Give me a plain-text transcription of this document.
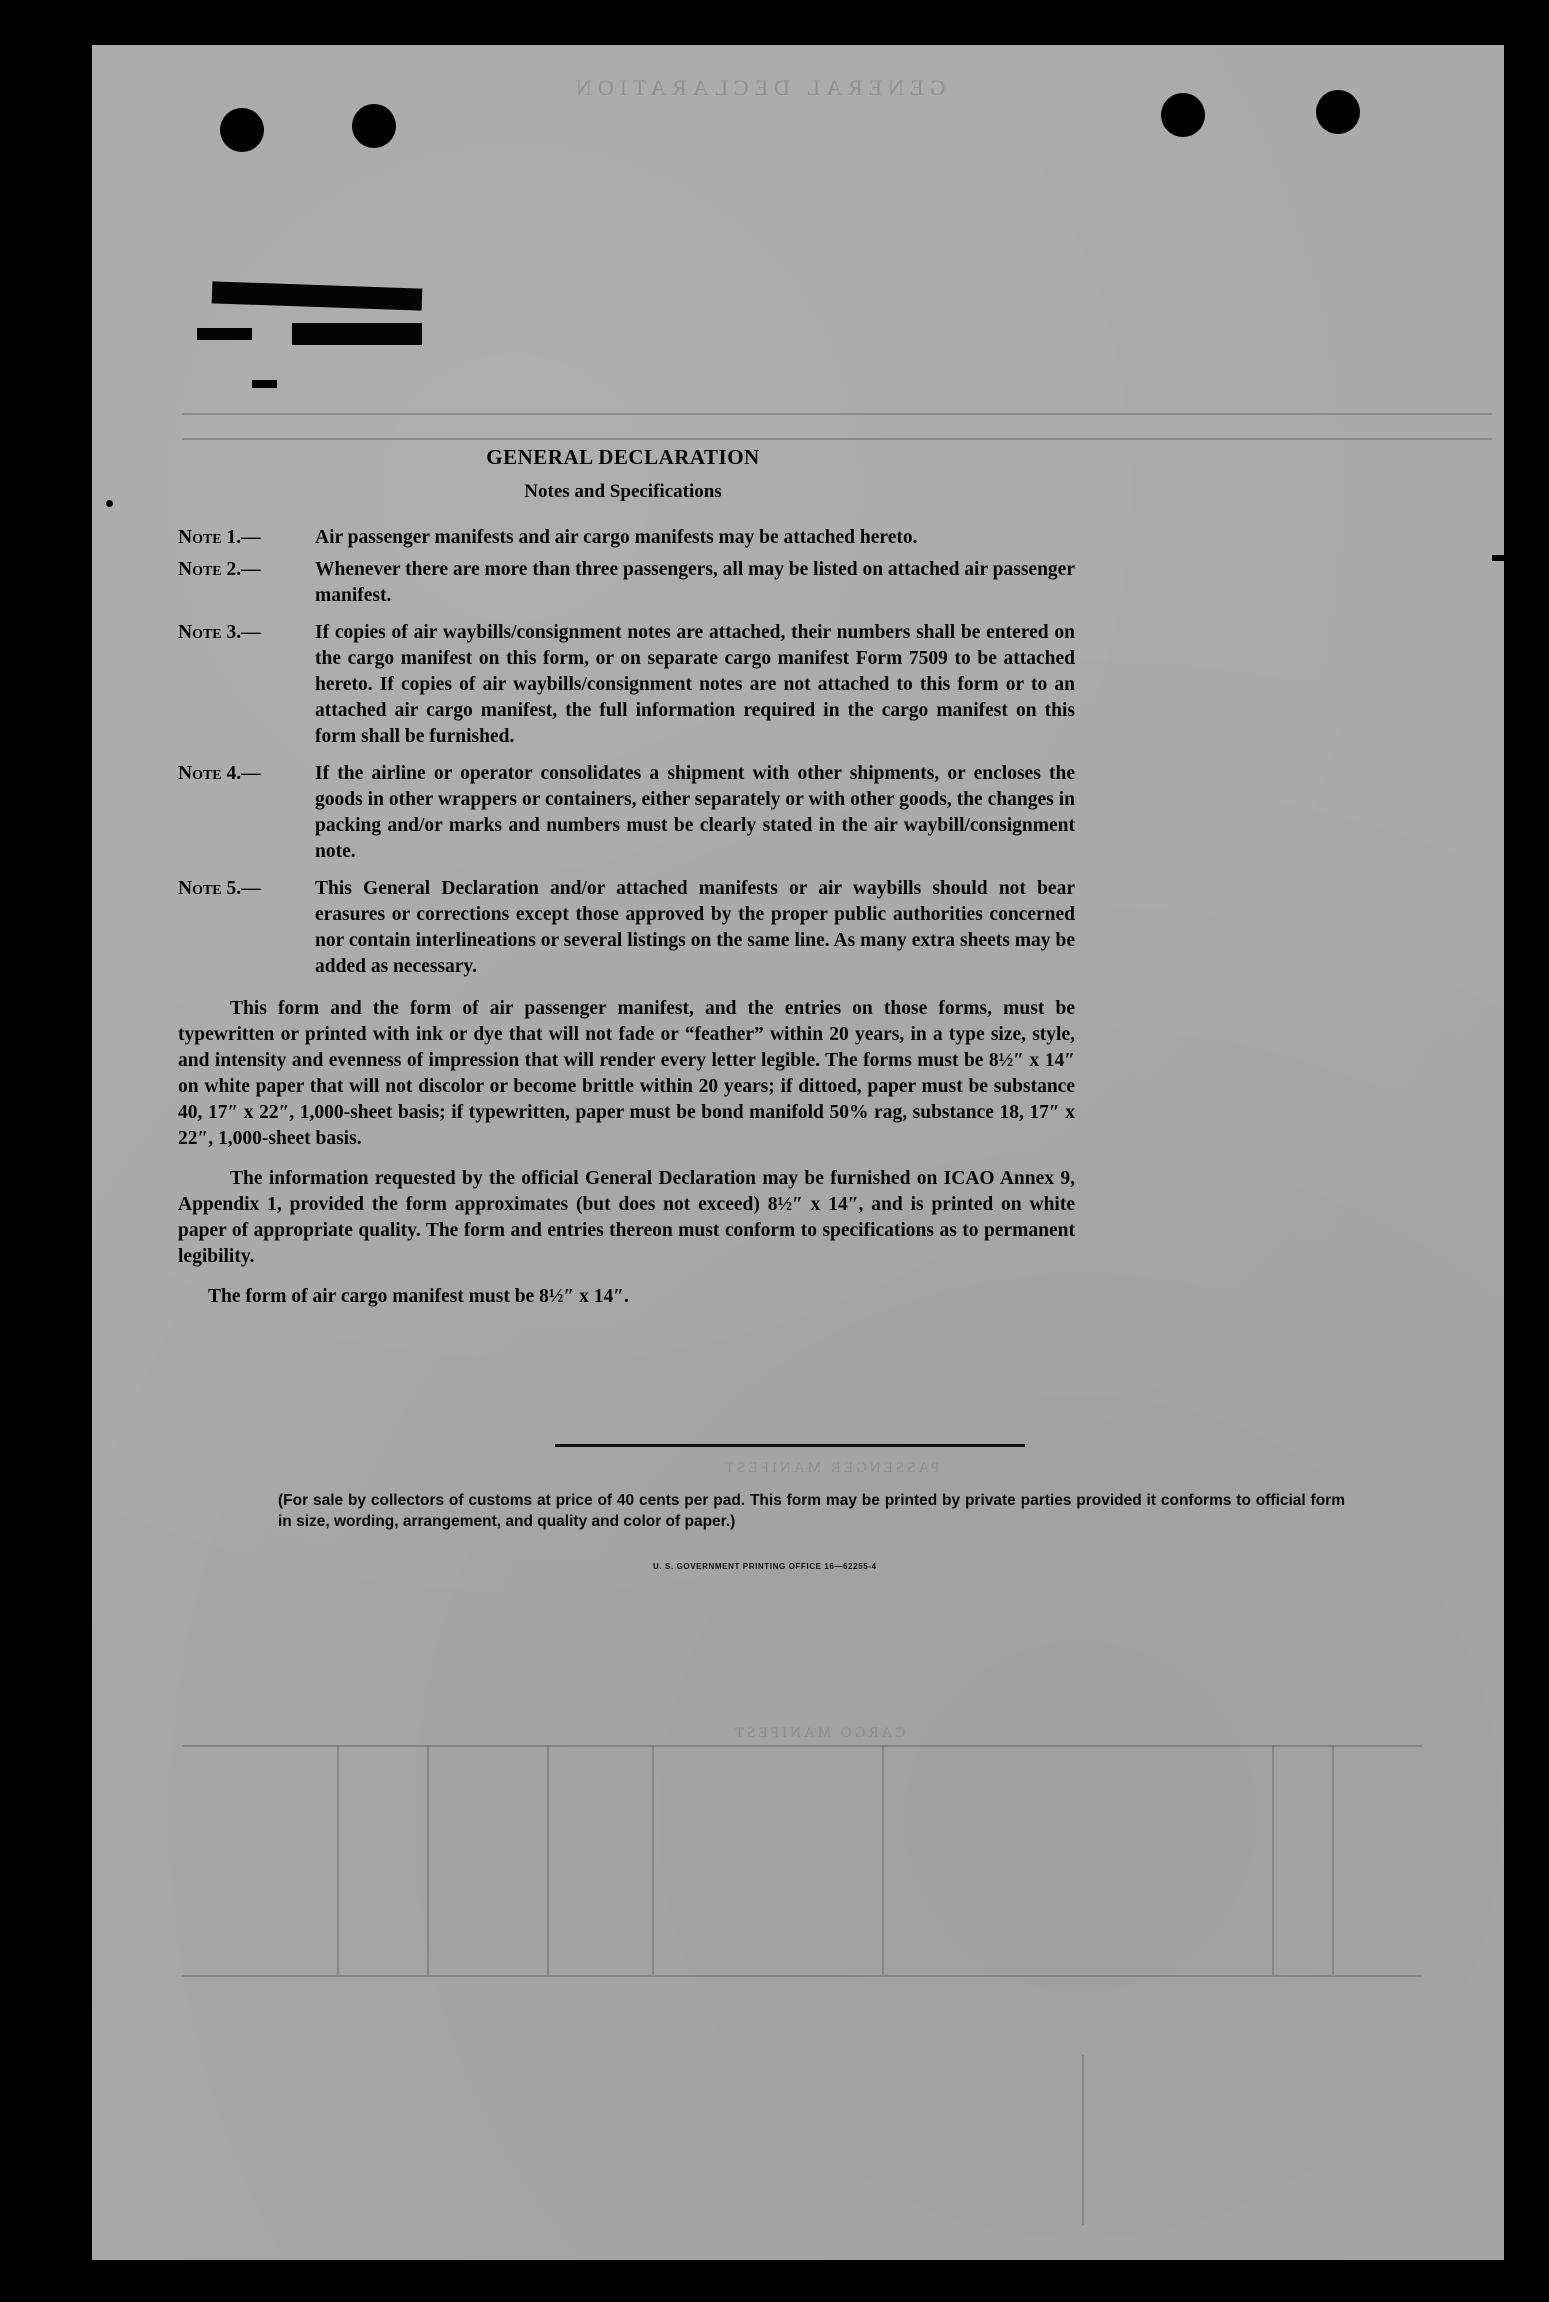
GENERAL DECLARATION
PASSENGER MANIFEST
CARGO MANIFEST
GENERAL DECLARATION
Notes and Specifications
Note 1.—	Air passenger manifests and air cargo manifests may be attached hereto.
Note 2.—	Whenever there are more than three passengers, all may be listed on attached air passenger manifest.
Note 3.—	If copies of air waybills/consignment notes are attached, their numbers shall be entered on the cargo manifest on this form, or on separate cargo manifest Form 7509 to be attached hereto. If copies of air waybills/consignment notes are not attached to this form or to an attached air cargo manifest, the full information required in the cargo manifest on this form shall be furnished.
Note 4.—	If the airline or operator consolidates a shipment with other shipments, or encloses the goods in other wrappers or containers, either separately or with other goods, the changes in packing and/or marks and numbers must be clearly stated in the air waybill/consignment note.
Note 5.—	This General Declaration and/or attached manifests or air waybills should not bear erasures or corrections except those approved by the proper public authorities concerned nor contain interlineations or several listings on the same line. As many extra sheets may be added as necessary.
This form and the form of air passenger manifest, and the entries on those forms, must be typewritten or printed with ink or dye that will not fade or “feather” within 20 years, in a type size, style, and intensity and evenness of impression that will render every letter legible. The forms must be 8½″ x 14″ on white paper that will not discolor or become brittle within 20 years; if dittoed, paper must be substance 40, 17″ x 22″, 1,000-sheet basis; if typewritten, paper must be bond manifold 50% rag, substance 18, 17″ x 22″, 1,000-sheet basis.
The information requested by the official General Declaration may be furnished on ICAO Annex 9, Appendix 1, provided the form approximates (but does not exceed) 8½″ x 14″, and is printed on white paper of appropriate quality. The form and entries thereon must conform to specifications as to permanent legibility.
The form of air cargo manifest must be 8½″ x 14″.
(For sale by collectors of customs at price of 40 cents per pad. This form may be printed by private parties provided it conforms to official form in size, wording, arrangement, and quality and color of paper.)
U. S. GOVERNMENT PRINTING OFFICE 16—62255-4
